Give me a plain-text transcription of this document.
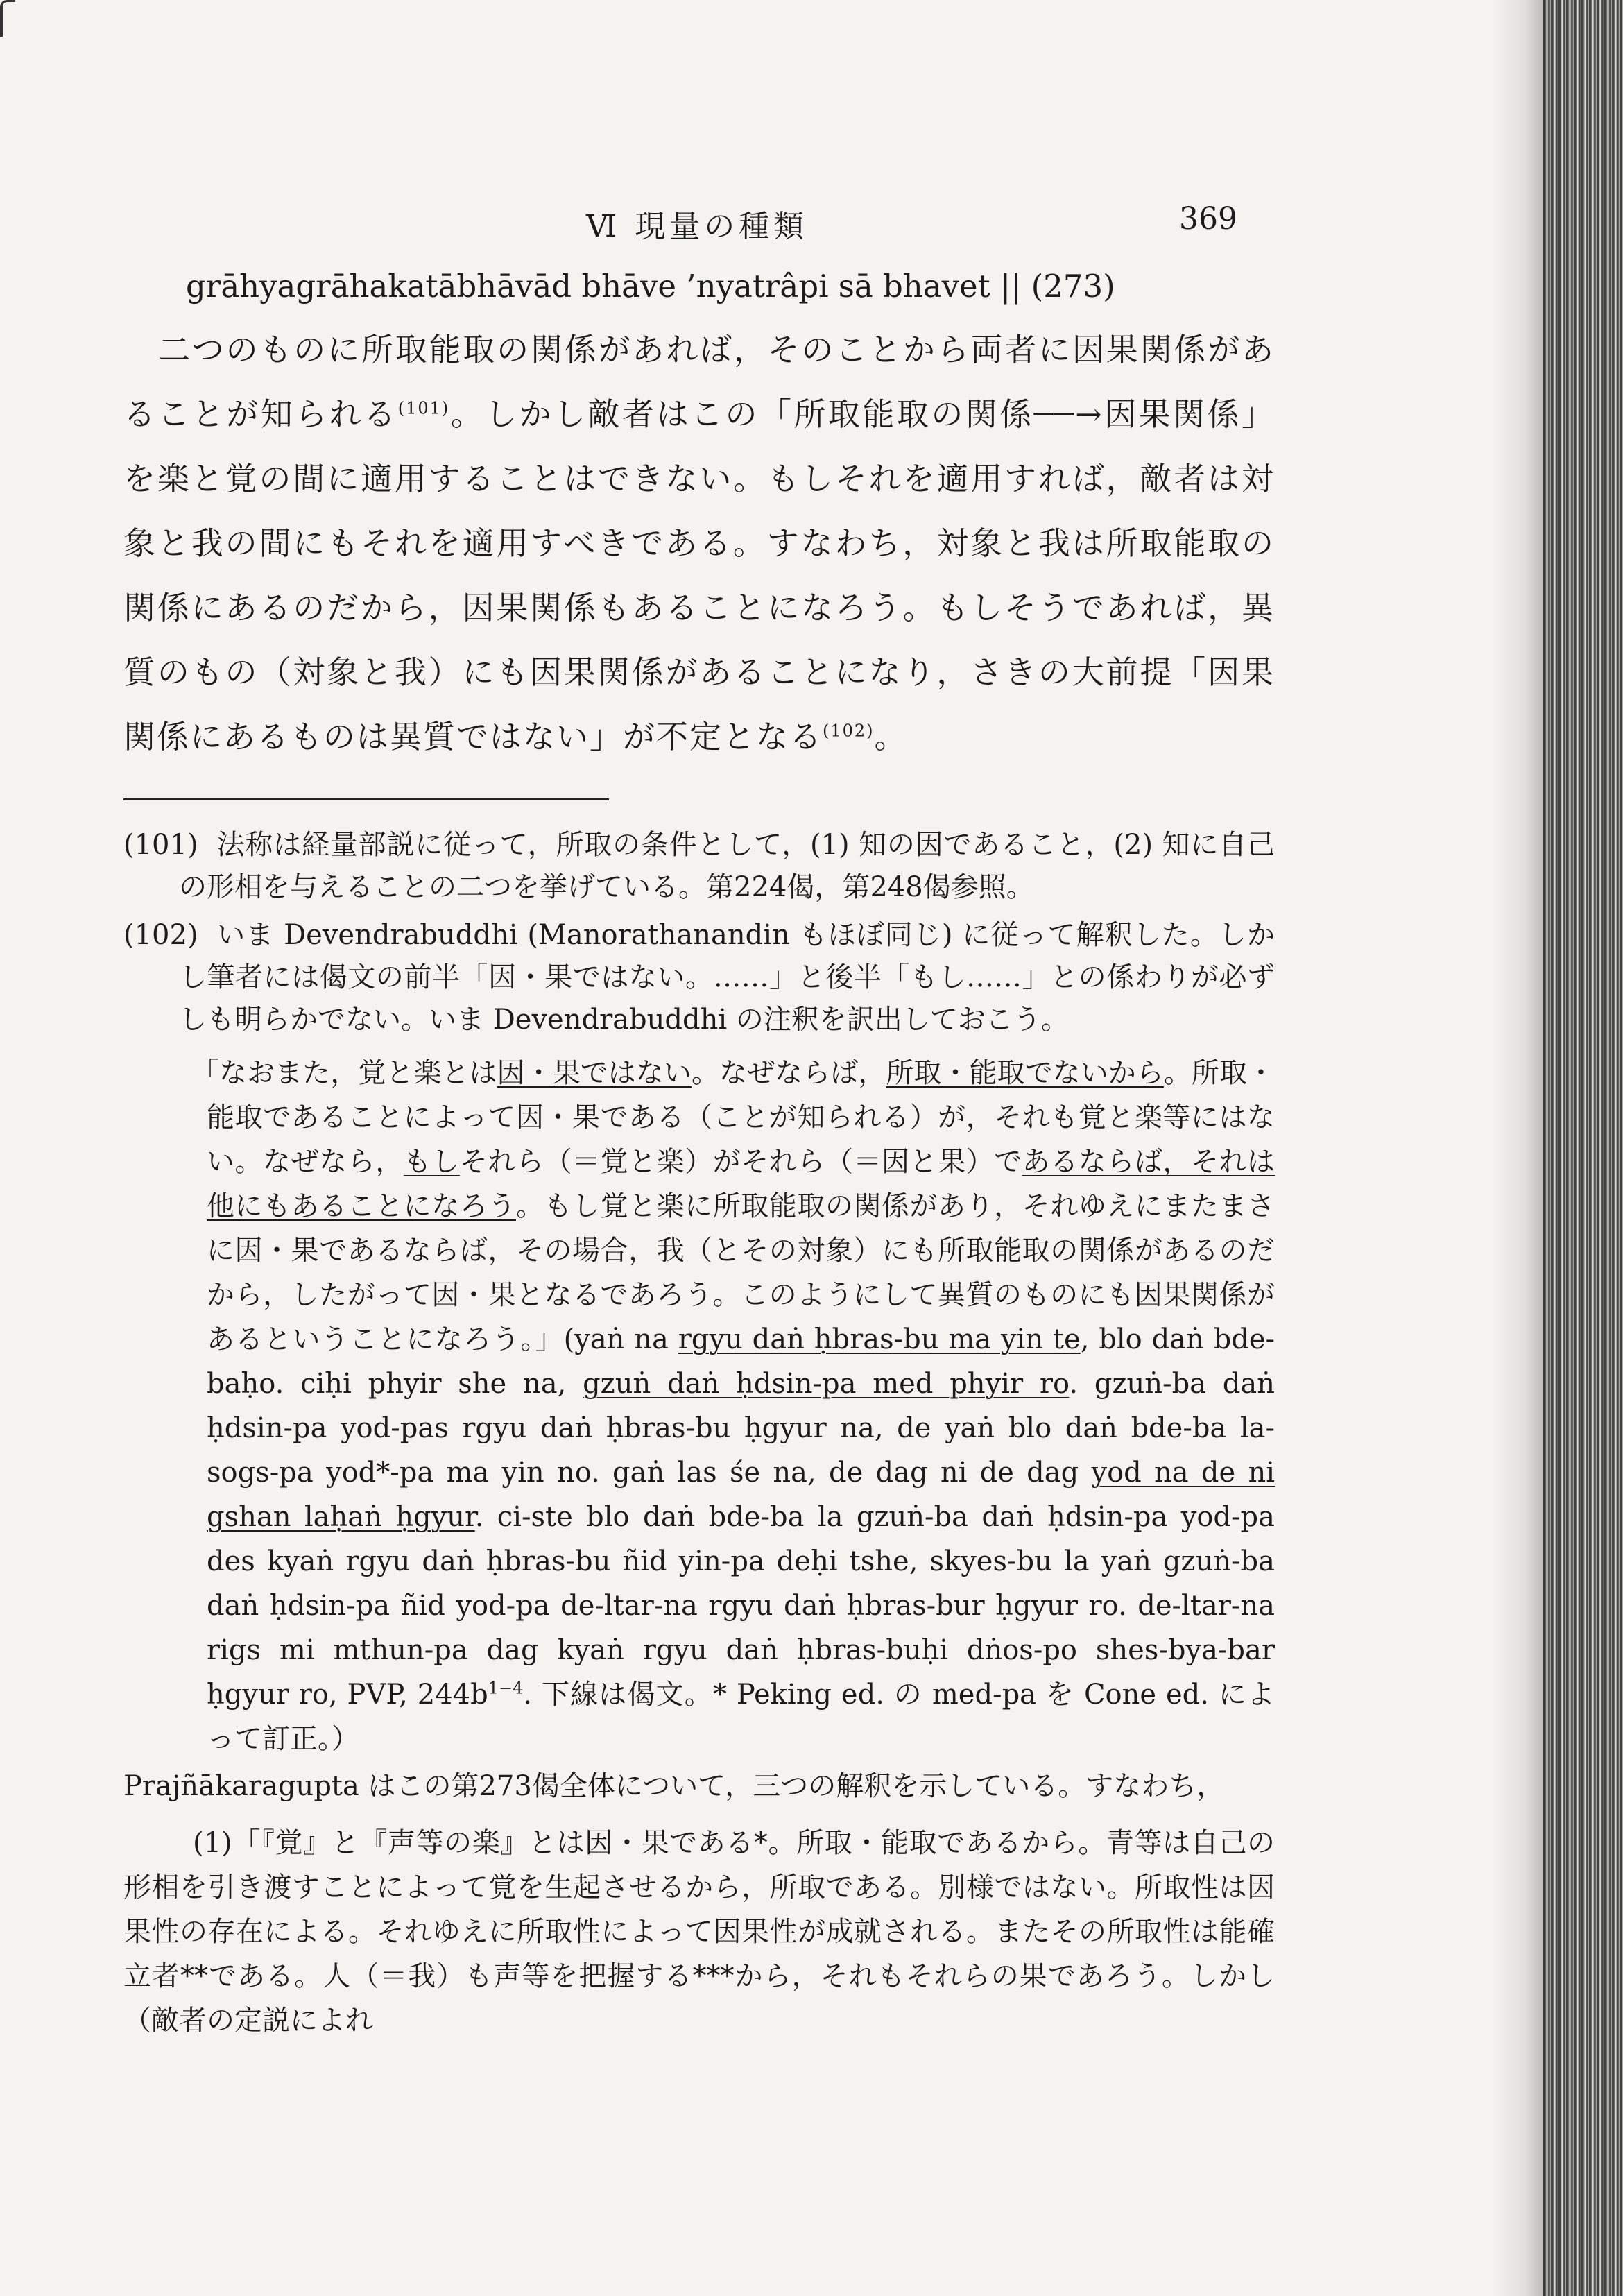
Ⅵ 現量の種類	369

grāhyagrāhakatābhāvād bhāve ’nyatrâpi sā bhavet || (273)

二つのものに所取能取の関係があれば，そのことから両者に因果関係があることが知られる$^{(101)}$。しかし敵者はこの「所取能取の関係──→因果関係」を楽と覚の間に適用することはできない。もしそれを適用すれば，敵者は対象と我の間にもそれを適用すべきである。すなわち，対象と我は所取能取の関係にあるのだから，因果関係もあることになろう。もしそうであれば，異質のもの（対象と我）にも因果関係があることになり，さきの大前提「因果関係にあるものは異質ではない」が不定となる$^{(102)}$。

(101) 法称は経量部説に従って，所取の条件として，(1) 知の因であること，(2) 知に自己の形相を与えることの二つを挙げている。第224偈，第248偈参照。

(102) いま Devendrabuddhi (Manorathanandin もほぼ同じ) に従って解釈した。しかし筆者には偈文の前半「因・果ではない。……」と後半「もし……」との係わりが必ずしも明らかでない。いま Devendrabuddhi の注釈を訳出しておこう。

「なおまた，覚と楽とは因・果ではない。なぜならば，所取・能取でないから。所取・能取であることによって因・果である（ことが知られる）が，それも覚と楽等にはない。なぜなら，もしそれら（＝覚と楽）がそれら（＝因と果）であるならば，それは他にもあることになろう。もし覚と楽に所取能取の関係があり，それゆえにまたまさに因・果であるならば，その場合，我（とその対象）にも所取能取の関係があるのだから，したがって因・果となるであろう。このようにして異質のものにも因果関係があるということになろう。」(yaṅ na rgyu daṅ ḥbras-bu ma yin te, blo daṅ bde-baḥo. ciḥi phyir she na, gzuṅ daṅ ḥdsin-pa med phyir ro. gzuṅ-ba daṅ ḥdsin-pa yod-pas rgyu daṅ ḥbras-bu ḥgyur na, de yaṅ blo daṅ bde-ba la-sogs-pa yod*-pa ma yin no. gaṅ las śe na, de dag ni de dag yod na de ni gshan laḥaṅ ḥgyur. ci-ste blo daṅ bde-ba la gzuṅ-ba daṅ ḥdsin-pa yod-pa des kyaṅ rgyu daṅ ḥbras-bu ñid yin-pa deḥi tshe, skyes-bu la yaṅ gzuṅ-ba daṅ ḥdsin-pa ñid yod-pa de-ltar-na rgyu daṅ ḥbras-bur ḥgyur ro. de-ltar-na rigs mi mthun-pa dag kyaṅ rgyu daṅ ḥbras-buḥi dṅos-po shes-bya-bar ḥgyur ro, PVP, $244b^{1-4}$. 下線は偈文。* Peking ed. の med-pa を Cone ed. によって訂正。）

Prajñākaragupta はこの第273偈全体について，三つの解釈を示している。すなわち，

(1)「『覚』と『声等の楽』とは因・果である*。所取・能取であるから。青等は自己の形相を引き渡すことによって覚を生起させるから，所取である。別様ではない。所取性は因果性の存在による。それゆえに所取性によって因果性が成就される。またその所取性は能確立者**である。人（＝我）も声等を把握する***から，それもそれらの果であろう。しかし（敵者の定説によれ
